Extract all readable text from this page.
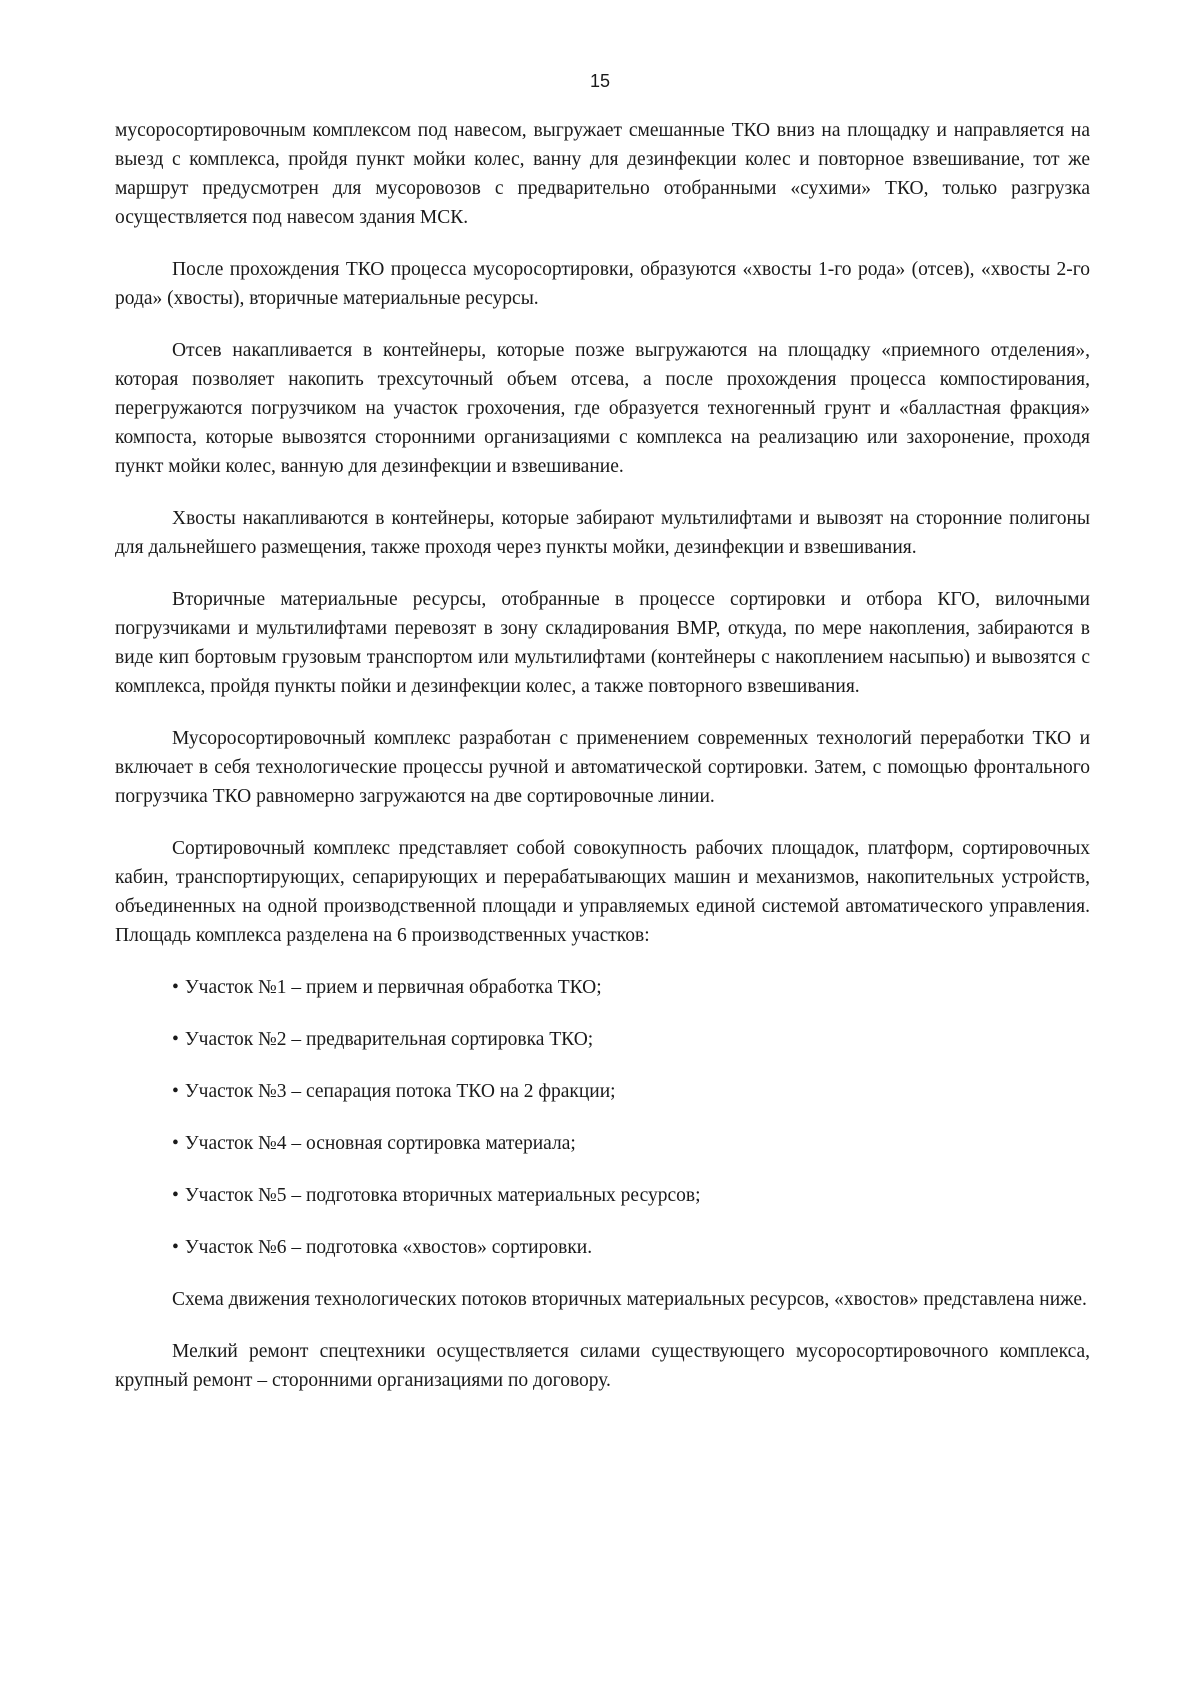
15

мусоросортировочным комплексом под навесом, выгружает смешанные ТКО вниз на площадку и направляется на выезд с комплекса, пройдя пункт мойки колес, ванну для дезинфекции колес и повторное взвешивание, тот же маршрут предусмотрен для мусоровозов с предварительно отобранными «сухими» ТКО, только разгрузка осуществляется под навесом здания МСК.

После прохождения ТКО процесса мусоросортировки, образуются «хвосты 1-го рода» (отсев), «хвосты 2-го рода» (хвосты), вторичные материальные ресурсы.

Отсев накапливается в контейнеры, которые позже выгружаются на площадку «приемного отделения», которая позволяет накопить трехсуточный объем отсева, а после прохождения процесса компостирования, перегружаются погрузчиком на участок грохочения, где образуется техногенный грунт и «балластная фракция» компоста, которые вывозятся сторонними организациями с комплекса на реализацию или захоронение, проходя пункт мойки колес, ванную для дезинфекции и взвешивание.

Хвосты накапливаются в контейнеры, которые забирают мультилифтами и вывозят на сторонние полигоны для дальнейшего размещения, также проходя через пункты мойки, дезинфекции и взвешивания.

Вторичные материальные ресурсы, отобранные в процессе сортировки и отбора КГО, вилочными погрузчиками и мультилифтами перевозят в зону складирования ВМР, откуда, по мере накопления, забираются в виде кип бортовым грузовым транспортом или мультилифтами (контейнеры с накоплением насыпью) и вывозятся с комплекса, пройдя пункты пойки и дезинфекции колес, а также повторного взвешивания.

Мусоросортировочный комплекс разработан с применением современных технологий переработки ТКО и включает в себя технологические процессы ручной и автоматической сортировки. Затем, с помощью фронтального погрузчика ТКО равномерно загружаются на две сортировочные линии.

Сортировочный комплекс представляет собой совокупность рабочих площадок, платформ, сортировочных кабин, транспортирующих, сепарирующих и перерабатывающих машин и механизмов, накопительных устройств, объединенных на одной производственной площади и управляемых единой системой автоматического управления. Площадь комплекса разделена на 6 производственных участков:

• Участок №1 – прием и первичная обработка ТКО;
• Участок №2 – предварительная сортировка ТКО;
• Участок №3 – сепарация потока ТКО на 2 фракции;
• Участок №4 – основная сортировка материала;
• Участок №5 – подготовка вторичных материальных ресурсов;
• Участок №6 – подготовка «хвостов» сортировки.

Схема движения технологических потоков вторичных материальных ресурсов, «хвостов» представлена ниже.

Мелкий ремонт спецтехники осуществляется силами существующего мусоросортировочного комплекса, крупный ремонт – сторонними организациями по договору.
